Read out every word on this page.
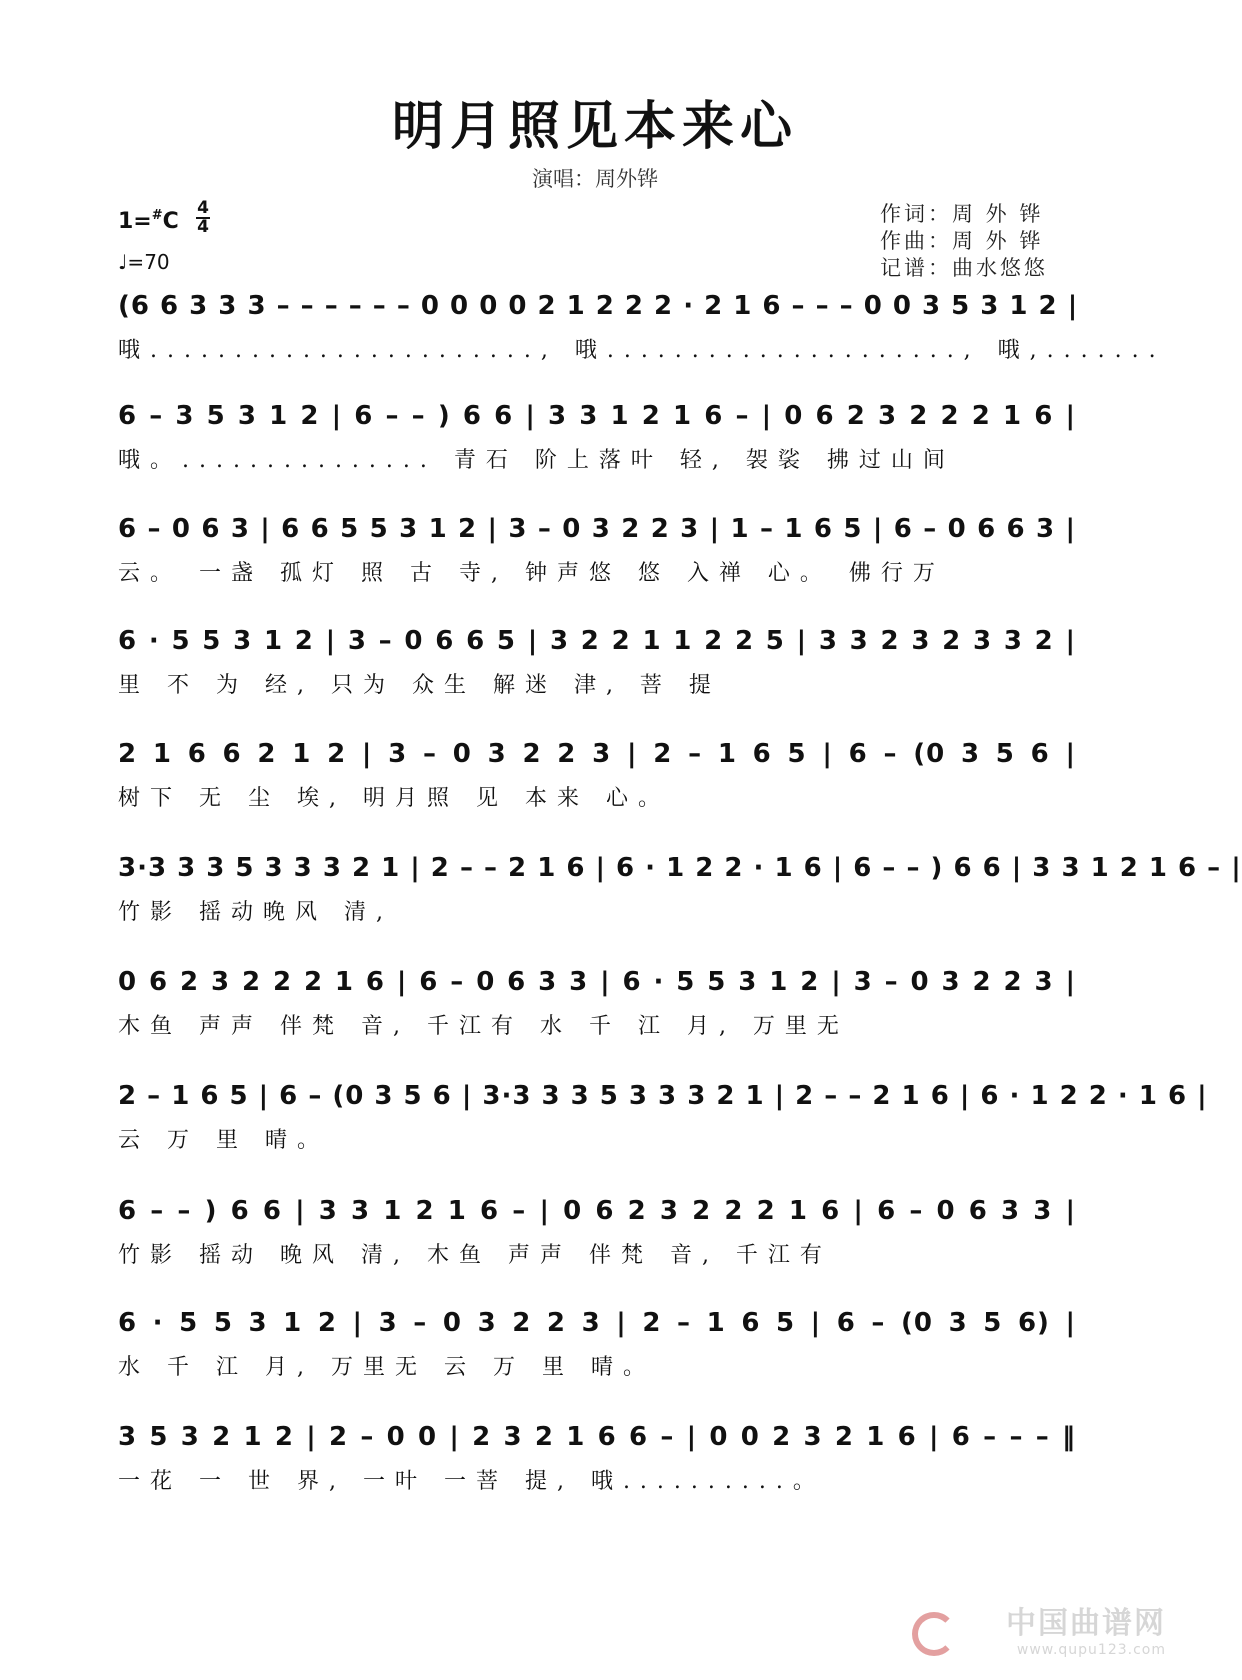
明月照见本来心
演唱：周外铧
1=#C
4
4
♩=70
作词：周 外 铧
作曲：周 外 铧
记谱：曲水悠悠
(6 6 3 3 3 – – – – – – 0 0 0 0 2 1 2 2 2 · 2 1 6 – – – 0 0 3 5 3 1 2 |
哦......................., 哦....................., 哦,.......
6 – 3 5 3 1 2 | 6 – – ) 6 6 | 3 3 1 2 1 6 – | 0 6 2 3 2 2 2 1 6 |
哦。............... 青石 阶上落叶 轻, 袈裟 拂过山间
6 – 0 6 3 | 6 6 5 5 3 1 2 | 3 – 0 3 2 2 3 | 1 – 1 6 5 | 6 – 0 6 6 3 |
云。 一盏 孤灯 照 古 寺, 钟声悠 悠 入禅 心。 佛行万
6 · 5 5 3 1 2 | 3 – 0 6 6 5 | 3 2 2 1 1 2 2 5 | 3 3 2 3 2 3 3 2 |
里 不 为 经, 只为 众生 解迷 津, 菩 提
2 1 6 6 2 1 2 | 3 – 0 3 2 2 3 | 2 – 1 6 5 | 6 – (0 3 5 6 |
树下 无 尘 埃, 明月照 见 本来 心。
3·3 3 3 5 3 3 3 2 1 | 2 – – 2 1 6 | 6 · 1 2 2 · 1 6 | 6 – – ) 6 6 | 3 3 1 2 1 6 – |
竹影 摇动晚风 清,
0 6 2 3 2 2 2 1 6 | 6 – 0 6 3 3 | 6 · 5 5 3 1 2 | 3 – 0 3 2 2 3 |
木鱼 声声 伴梵 音, 千江有 水 千 江 月, 万里无
2 – 1 6 5 | 6 – (0 3 5 6 | 3·3 3 3 5 3 3 3 2 1 | 2 – – 2 1 6 | 6 · 1 2 2 · 1 6 |
云 万 里 晴。
6 – – ) 6 6 | 3 3 1 2 1 6 – | 0 6 2 3 2 2 2 1 6 | 6 – 0 6 3 3 |
竹影 摇动 晚风 清, 木鱼 声声 伴梵 音, 千江有
6 · 5 5 3 1 2 | 3 – 0 3 2 2 3 | 2 – 1 6 5 | 6 – (0 3 5 6) |
水 千 江 月, 万里无 云 万 里 晴。
3 5 3 2 1 2 | 2 – 0 0 | 2 3 2 1 6 6 – | 0 0 2 3 2 1 6 | 6 – – – ‖
一花 一 世 界, 一叶 一菩 提, 哦..........。
中国曲谱网
www.qupu123.com
